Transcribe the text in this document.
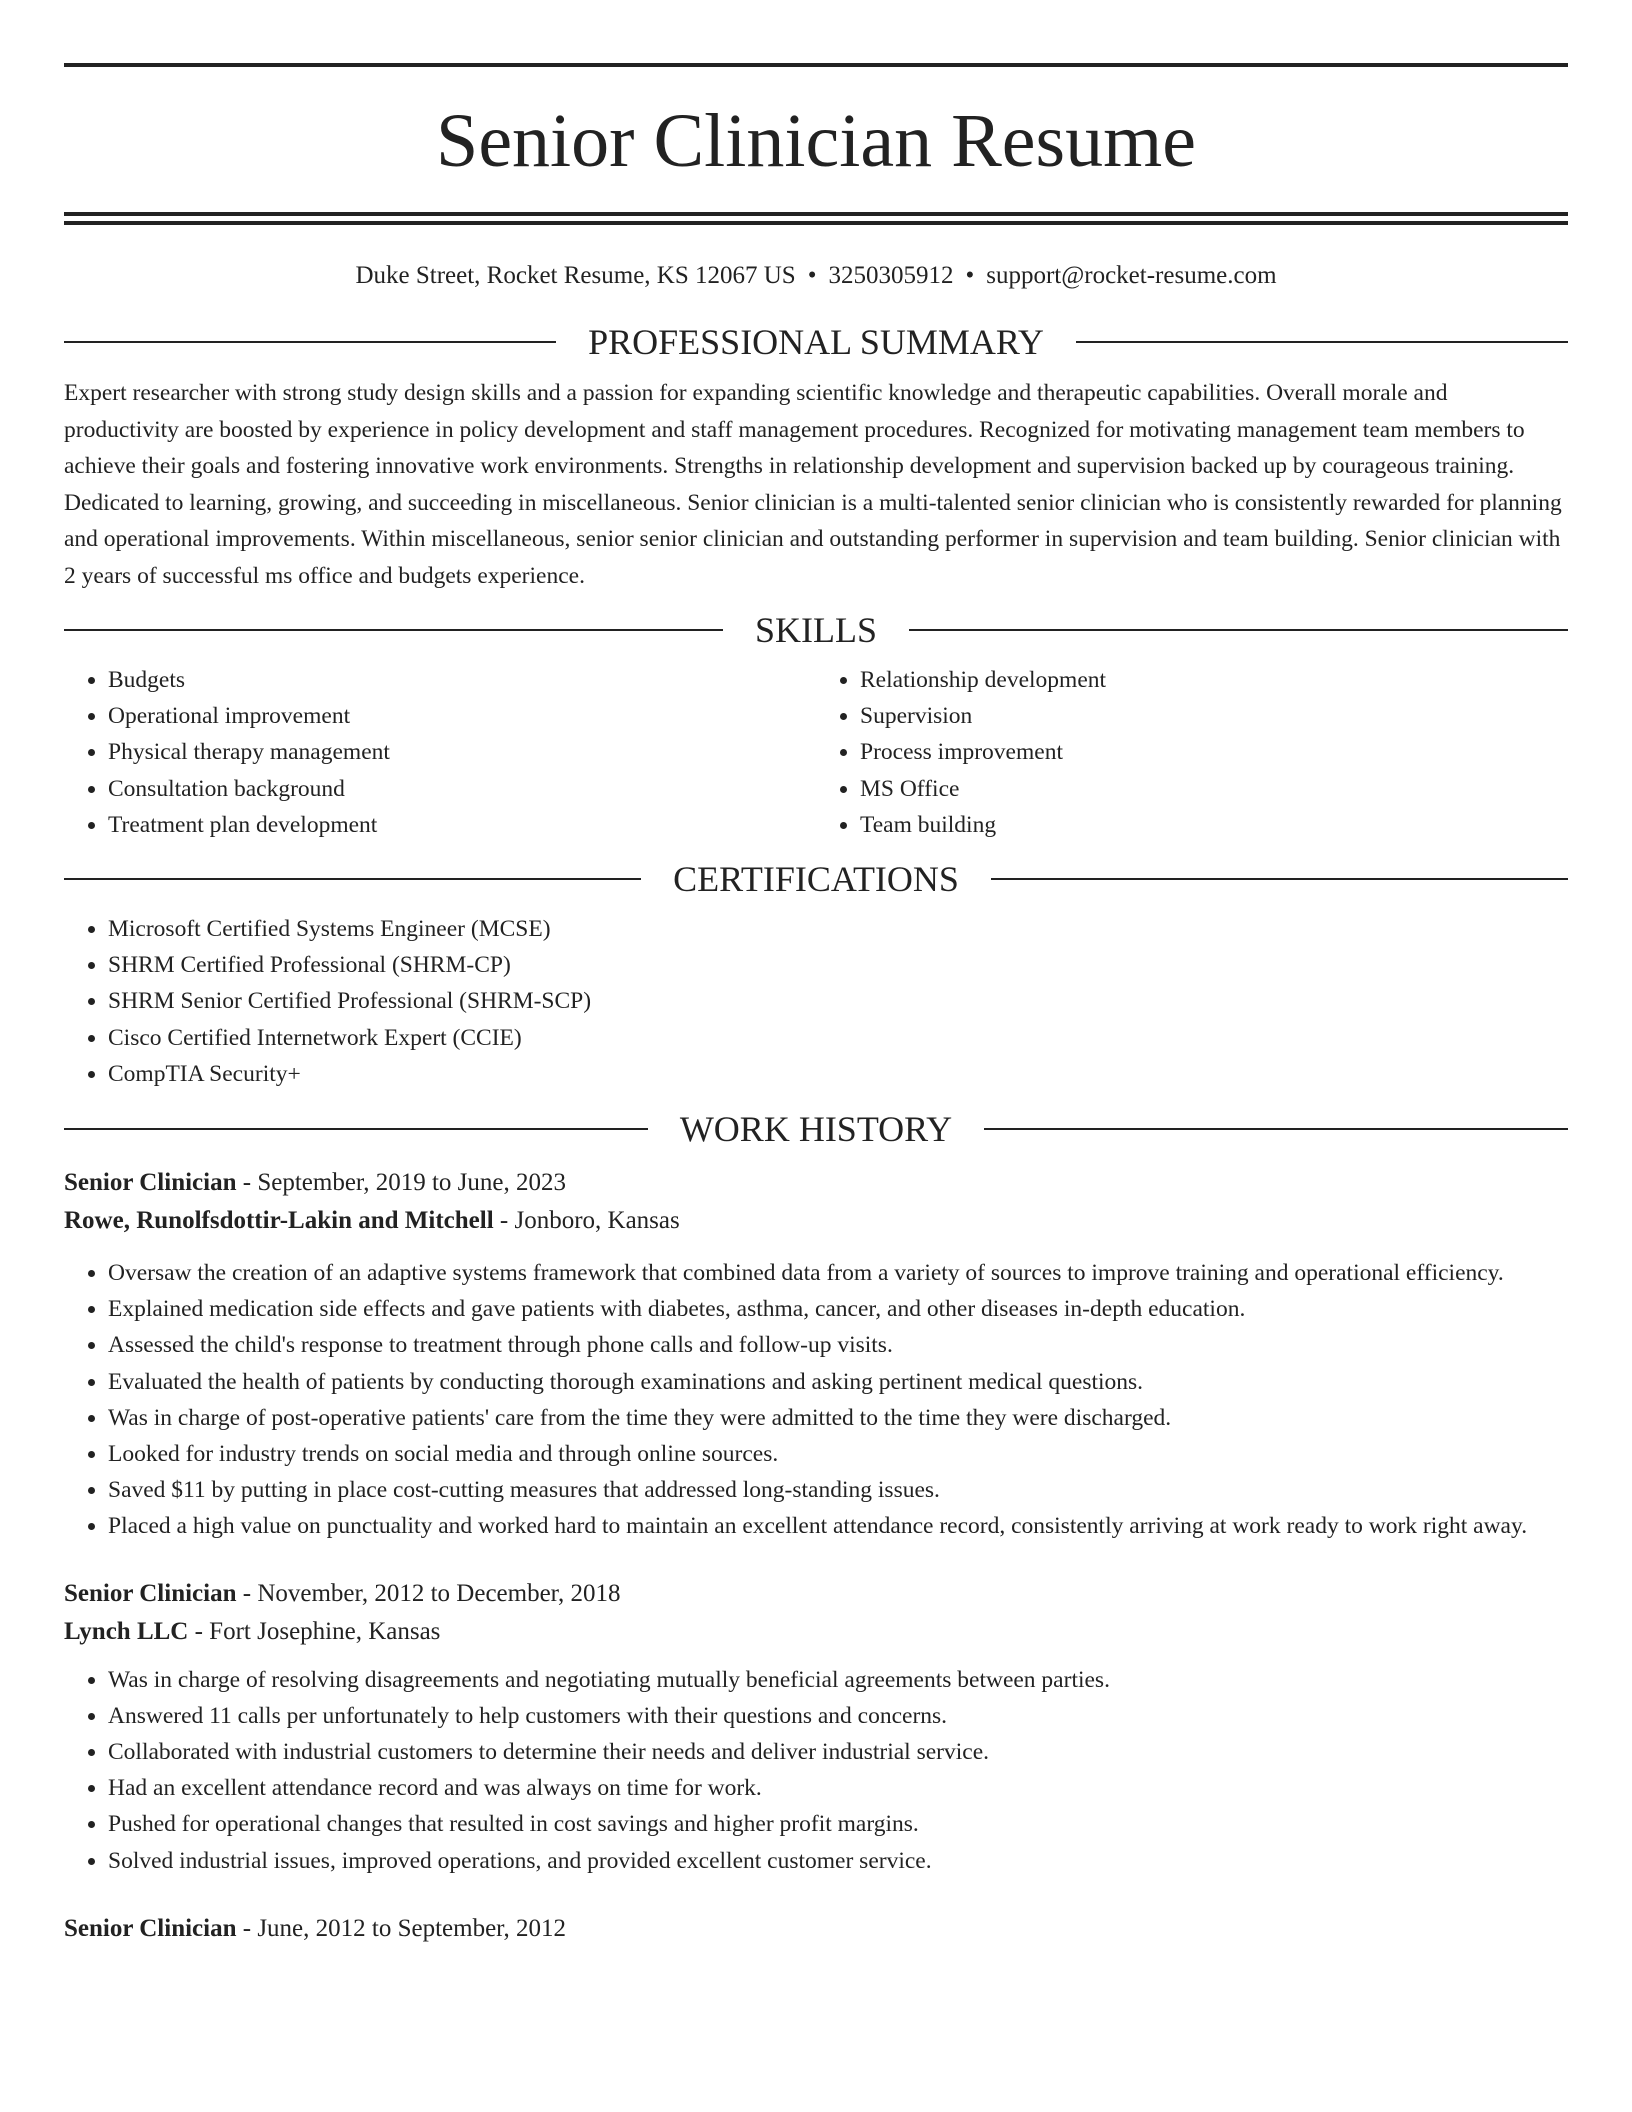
Senior Clinician Resume
Duke Street, Rocket Resume, KS 12067 US • 3250305912 • support@rocket-resume.com
PROFESSIONAL SUMMARY

Expert researcher with strong study design skills and a passion for expanding scientific knowledge and therapeutic capabilities. Overall morale and productivity are boosted by experience in policy development and staff management procedures. Recognized for motivating management team members to achieve their goals and fostering innovative work environments. Strengths in relationship development and supervision backed up by courageous training. Dedicated to learning, growing, and succeeding in miscellaneous. Senior clinician is a multi-talented senior clinician who is consistently rewarded for planning and operational improvements. Within miscellaneous, senior senior clinician and outstanding performer in supervision and team building. Senior clinician with 2 years of successful ms office and budgets experience.

SKILLS
• Budgets
• Operational improvement
• Physical therapy management
• Consultation background
• Treatment plan development
• Relationship development
• Supervision
• Process improvement
• MS Office
• Team building
CERTIFICATIONS
• Microsoft Certified Systems Engineer (MCSE)
• SHRM Certified Professional (SHRM-CP)
• SHRM Senior Certified Professional (SHRM-SCP)
• Cisco Certified Internetwork Expert (CCIE)
• CompTIA Security+
WORK HISTORY
Senior Clinician - September, 2019 to June, 2023
Rowe, Runolfsdottir-Lakin and Mitchell - Jonboro, Kansas
• Oversaw the creation of an adaptive systems framework that combined data from a variety of sources to improve training and operational efficiency.
• Explained medication side effects and gave patients with diabetes, asthma, cancer, and other diseases in-depth education.
• Assessed the child's response to treatment through phone calls and follow-up visits.
• Evaluated the health of patients by conducting thorough examinations and asking pertinent medical questions.
• Was in charge of post-operative patients' care from the time they were admitted to the time they were discharged.
• Looked for industry trends on social media and through online sources.
• Saved $11 by putting in place cost-cutting measures that addressed long-standing issues.
• Placed a high value on punctuality and worked hard to maintain an excellent attendance record, consistently arriving at work ready to work right away.
Senior Clinician - November, 2012 to December, 2018
Lynch LLC - Fort Josephine, Kansas
• Was in charge of resolving disagreements and negotiating mutually beneficial agreements between parties.
• Answered 11 calls per unfortunately to help customers with their questions and concerns.
• Collaborated with industrial customers to determine their needs and deliver industrial service.
• Had an excellent attendance record and was always on time for work.
• Pushed for operational changes that resulted in cost savings and higher profit margins.
• Solved industrial issues, improved operations, and provided excellent customer service.
Senior Clinician - June, 2012 to September, 2012
